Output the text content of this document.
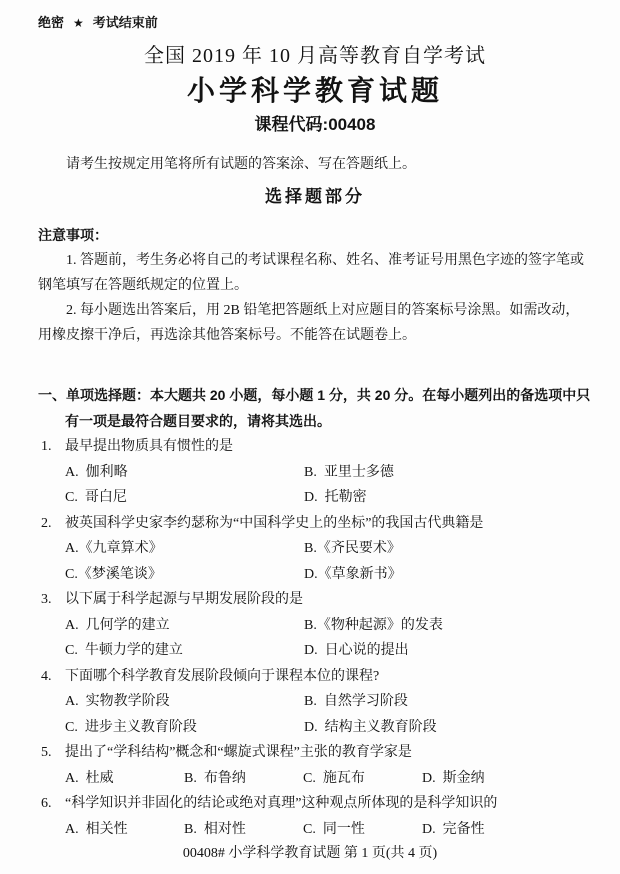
绝密 ★ 考试结束前
全国 2019 年 10 月高等教育自学考试
小学科学教育试题
课程代码:00408
请考生按规定用笔将所有试题的答案涂、写在答题纸上。
选择题部分
注意事项：

1. 答题前，考生务必将自己的考试课程名称、姓名、准考证号用黑色字迹的签字笔或钢笔填写在答题纸规定的位置上。

2. 每小题选出答案后，用 2B 铅笔把答题纸上对应题目的答案标号涂黑。如需改动，用橡皮擦干净后，再选涂其他答案标号。不能答在试题卷上。

一、单项选择题：本大题共 20 小题，每小题 1 分，共 20 分。在每小题列出的备选项中只有一项是最符合题目要求的，请将其选出。
1. 最早提出物质具有惯性的是
A.  伽利略	B.  亚里士多德
C.  哥白尼	D.  托勒密
2. 被英国科学史家李约瑟称为“中国科学史上的坐标”的我国古代典籍是
A.《九章算术》	B.《齐民要术》
C.《梦溪笔谈》	D.《草象新书》
3. 以下属于科学起源与早期发展阶段的是
A.  几何学的建立	B.《物种起源》的发表
C.  牛顿力学的建立	D.  日心说的提出
4. 下面哪个科学教育发展阶段倾向于课程本位的课程?
A.  实物教学阶段	B.  自然学习阶段
C.  进步主义教育阶段	D.  结构主义教育阶段
5. 提出了“学科结构”概念和“螺旋式课程”主张的教育学家是
A.  杜威	B.  布鲁纳	C.  施瓦布	D.  斯金纳
6. “科学知识并非固化的结论或绝对真理”这种观点所体现的是科学知识的
A.  相关性	B.  相对性	C.  同一性	D.  完备性
00408# 小学科学教育试题 第 1 页(共 4 页)
